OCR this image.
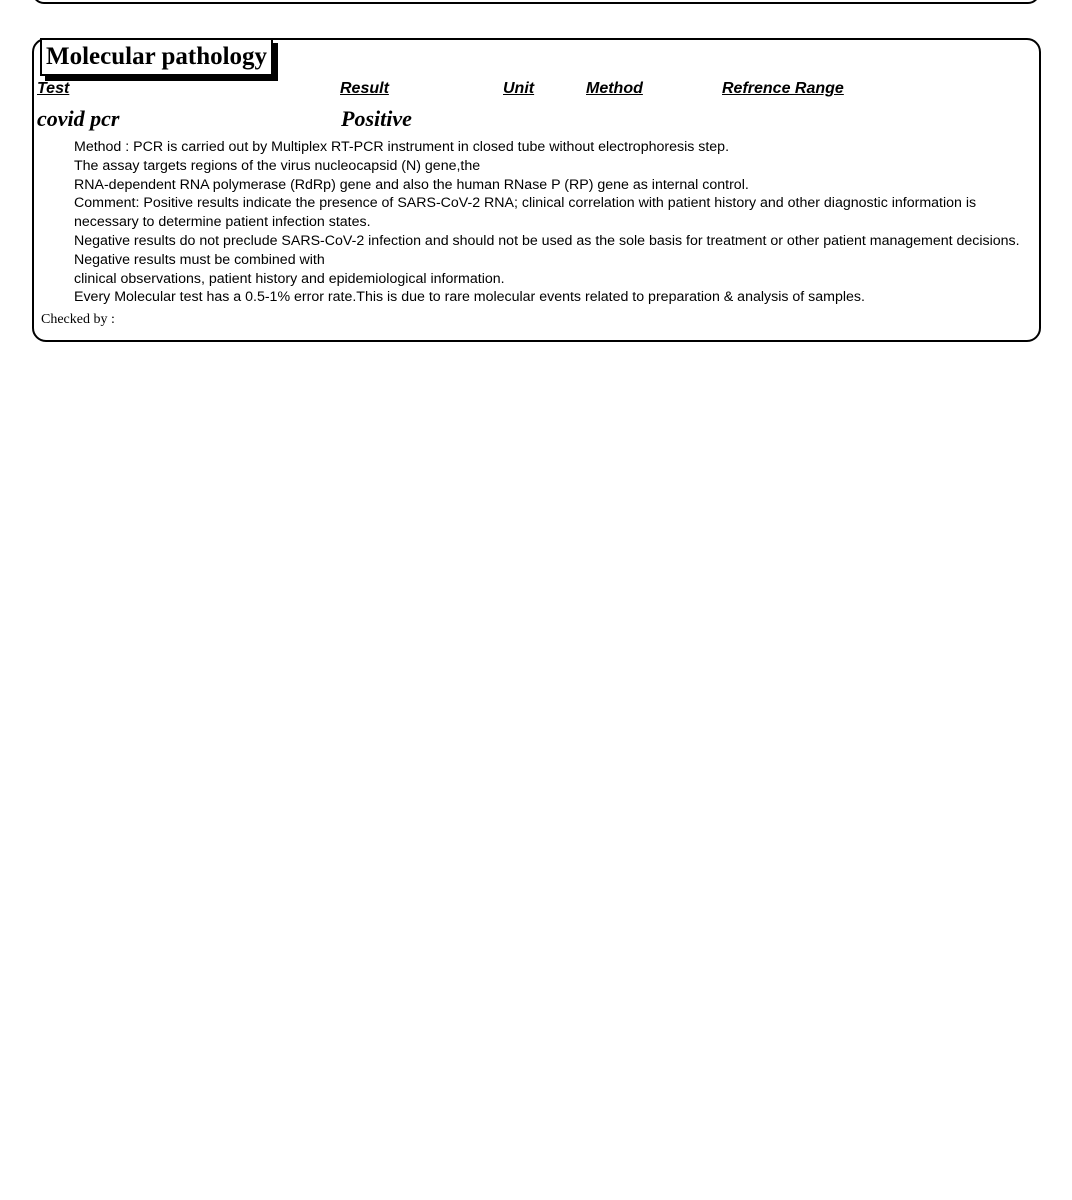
Molecular pathology
Test	Result	Unit	Method	Refrence Range
covid pcr	Positive

Method : PCR is carried out by Multiplex RT-PCR instrument in closed tube without electrophoresis step.

The assay targets regions of the virus nucleocapsid (N) gene,the

RNA-dependent RNA polymerase (RdRp) gene and also the human RNase P (RP) gene as internal control.

Comment: Positive results indicate the presence of SARS-CoV-2 RNA; clinical correlation with patient history and other diagnostic information is necessary to determine patient infection states.

Negative results do not preclude SARS-CoV-2 infection and should not be used as the sole basis for treatment or other patient management decisions. Negative results must be combined with

clinical observations, patient history and epidemiological information.

Every Molecular test has a 0.5-1% error rate.This is due to rare molecular events related to preparation & analysis of samples.

Checked by :
